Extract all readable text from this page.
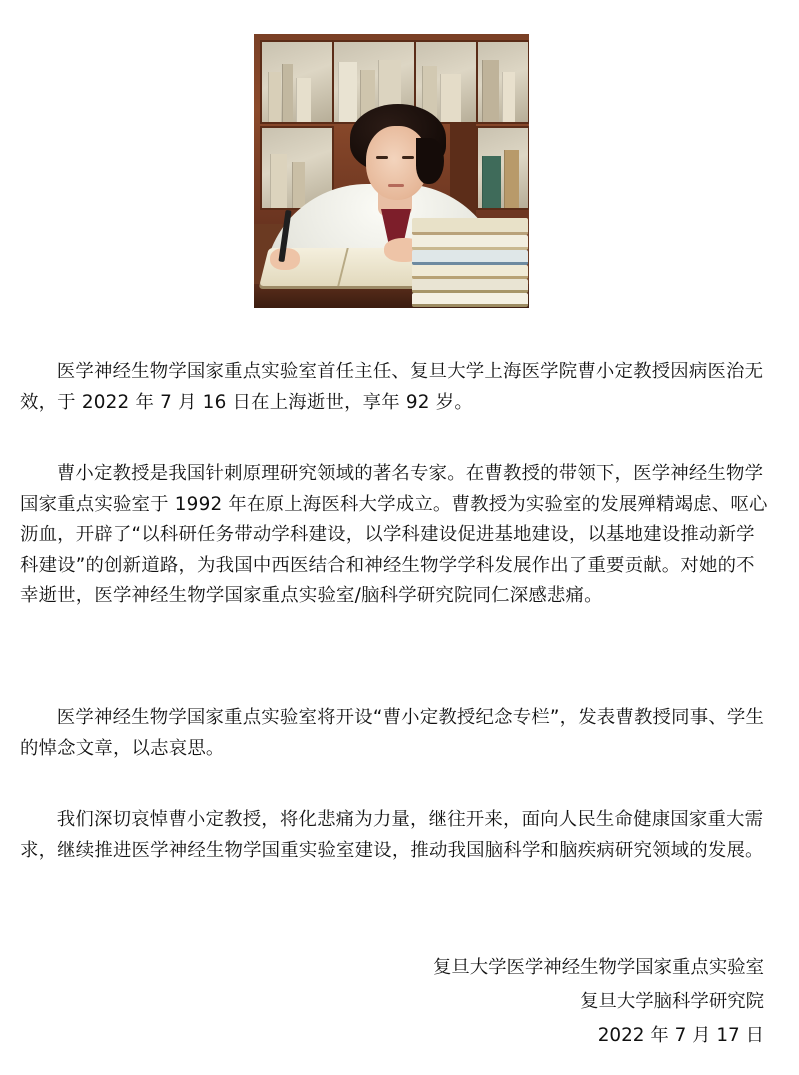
医学神经生物学国家重点实验室首任主任、复旦大学上海医学院曹小定教授因病医治无效，于 2022 年 7 月 16 日在上海逝世，享年 92 岁。

曹小定教授是我国针刺原理研究领域的著名专家。在曹教授的带领下，医学神经生物学国家重点实验室于 1992 年在原上海医科大学成立。曹教授为实验室的发展殚精竭虑、呕心沥血，开辟了“以科研任务带动学科建设，以学科建设促进基地建设，以基地建设推动新学科建设”的创新道路，为我国中西医结合和神经生物学学科发展作出了重要贡献。对她的不幸逝世，医学神经生物学国家重点实验室/脑科学研究院同仁深感悲痛。

医学神经生物学国家重点实验室将开设“曹小定教授纪念专栏”，发表曹教授同事、学生的悼念文章，以志哀思。

我们深切哀悼曹小定教授，将化悲痛为力量，继往开来，面向人民生命健康国家重大需求，继续推进医学神经生物学国重实验室建设，推动我国脑科学和脑疾病研究领域的发展。

复旦大学医学神经生物学国家重点实验室

复旦大学脑科学研究院

2022 年 7 月 17 日
